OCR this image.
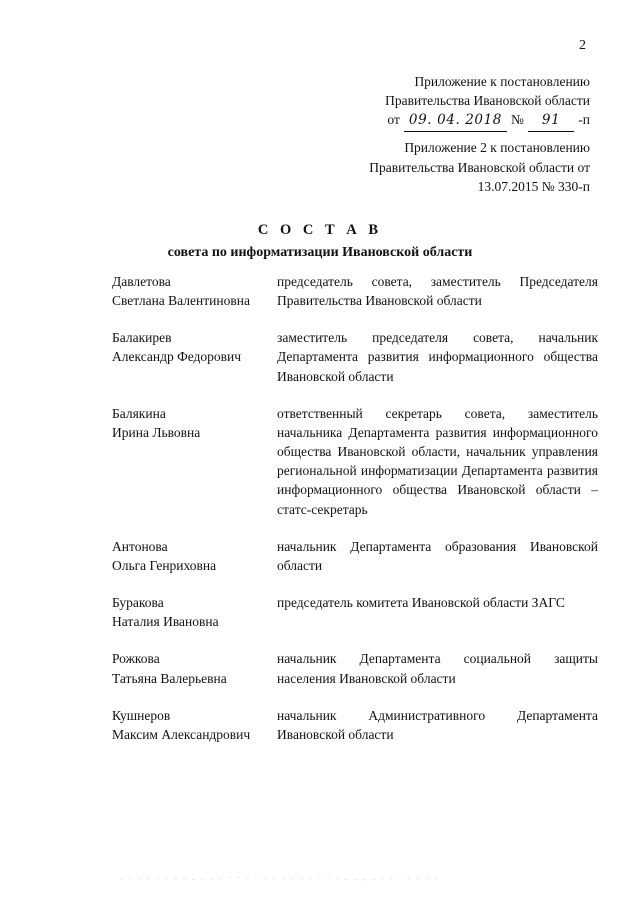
2
Приложение к постановлению
Правительства Ивановской области
от 09. 04. 2018 №	91	-п
Приложение 2 к постановлению Правительства Ивановской области от 13.07.2015 № 330-п
С О С Т А В
совета по информатизации Ивановской области
Давлетова
Светлана Валентиновна

председатель совета, заместитель Председателя Правительства Ивановской области

Балакирев
Александр Федорович

заместитель председателя совета, начальник Департамента развития информационного общества Ивановской области

Балякина
Ирина Львовна

ответственный секретарь совета, заместитель начальника Департамента развития информационного общества Ивановской области, начальник управления региональной информатизации Департамента развития информационного общества Ивановской области – статс-секретарь

Антонова
Ольга Генриховна

начальник Департамента образования Ивановской области

Буракова
Наталия Ивановна

председатель комитета Ивановской области ЗАГС

Рожкова
Татьяна Валерьевна

начальник Департамента социальной защиты населения Ивановской области

Кушнеров
Максим Александрович

начальник Административного Департамента Ивановской области
